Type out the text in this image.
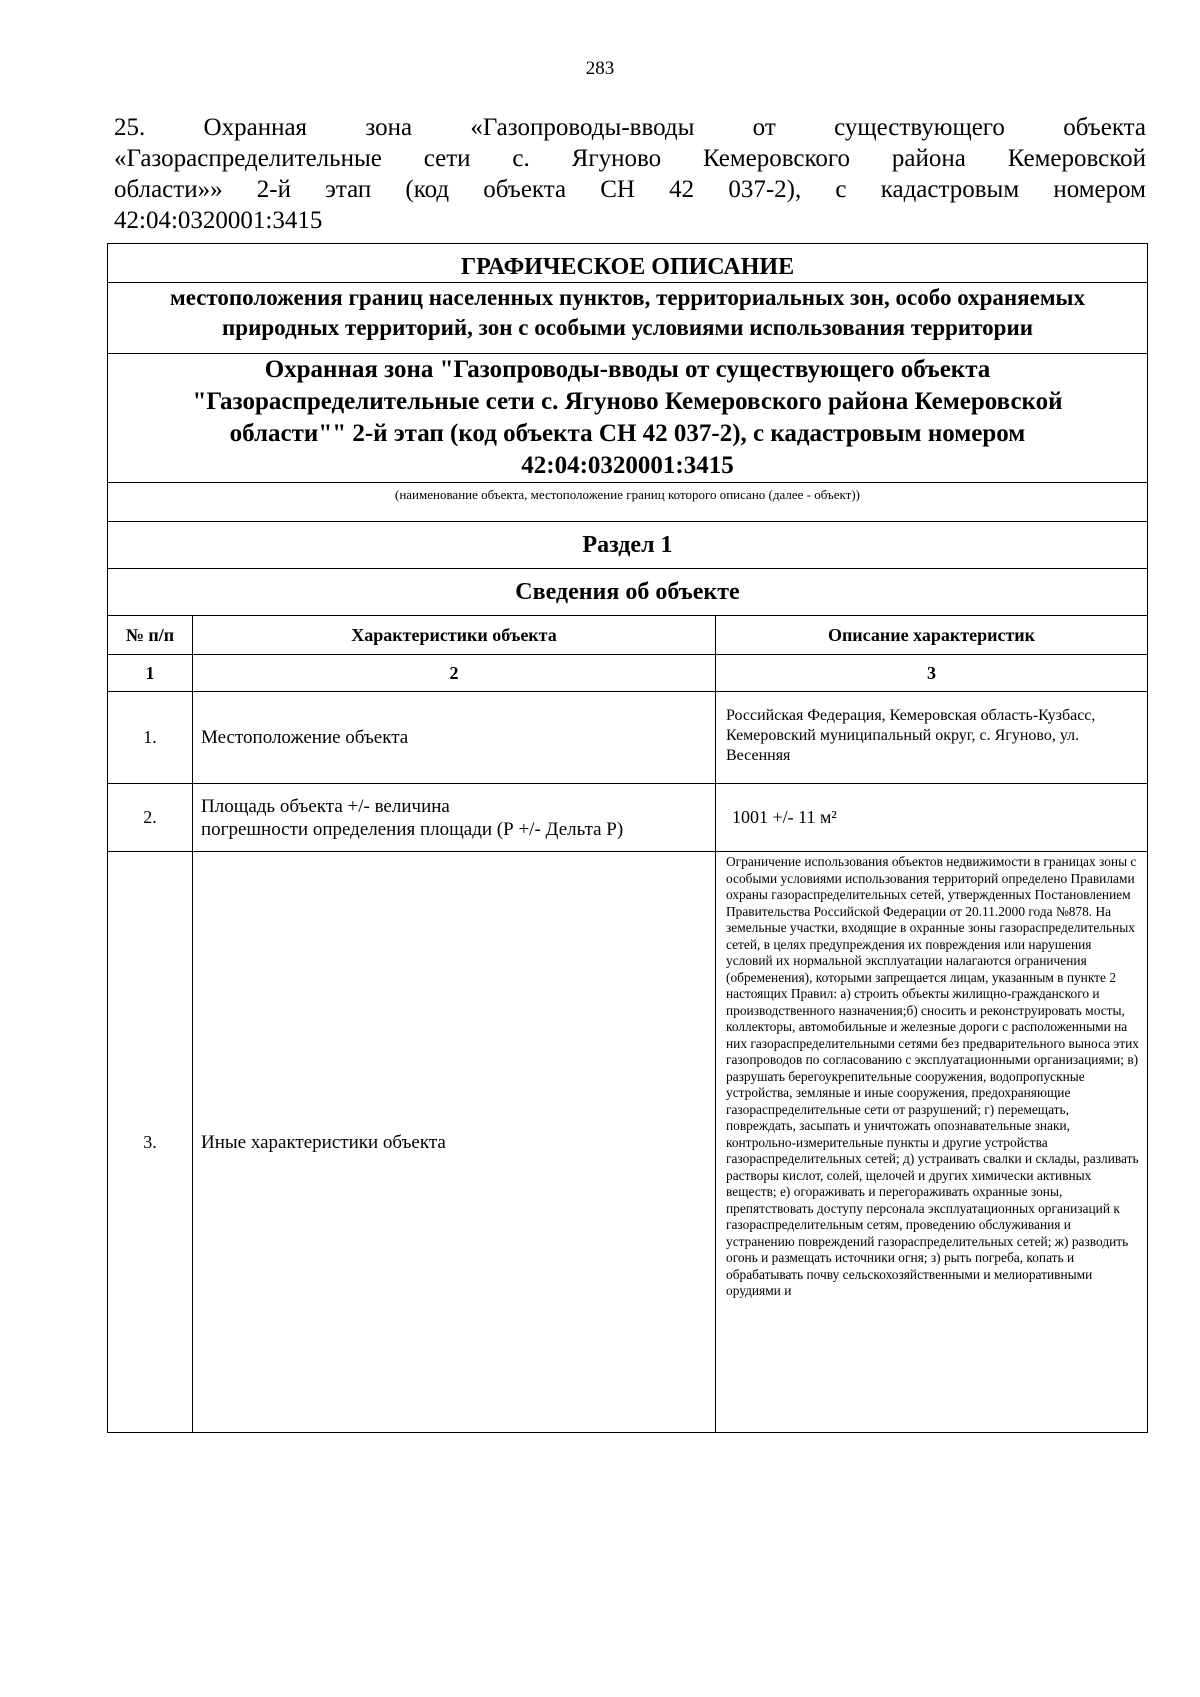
283
25. Охранная зона «Газопроводы-вводы от существующего объекта
«Газораспределительные сети с. Ягуново Кемеровского района Кемеровской
области»» 2-й этап (код объекта СН 42 037-2), с кадастровым номером
42:04:0320001:3415
ГРАФИЧЕСКОЕ ОПИСАНИЕ		

местоположения границ населенных пунктов, территориальных зон, особо охраняемых природных территорий, зон с особыми условиями использования территории		

Охранная зона "Газопроводы-вводы от существующего объекта
"Газораспределительные сети с. Ягуново Кемеровского района Кемеровской
области"" 2-й этап (код объекта СН 42 037-2), с кадастровым номером
42:04:0320001:3415		

(наименование объекта, местоположение границ которого описано (далее - объект))		
Раздел 1		
Сведения об объекте		
№ п/п	Характеристики объекта	Описание характеристик
1	2	3
1.	Местоположение объекта	Российская Федерация, Кемеровская область-Кузбасс, Кемеровский муниципальный округ, с. Ягуново, ул. Весенняя
2.	Площадь объекта +/- величина
погрешности определения площади (Р +/- Дельта Р)	1001 +/- 11 м²
3.	Иные характеристики объекта	Ограничение использования объектов недвижимости в границах зоны с особыми условиями использования территорий определено Правилами охраны газораспределительных сетей, утвержденных Постановлением Правительства Российской Федерации от 20.11.2000 года №878. На земельные участки, входящие в охранные зоны газораспределительных сетей, в целях предупреждения их повреждения или нарушения условий их нормальной эксплуатации налагаются ограничения (обременения), которыми запрещается лицам, указанным в пункте 2 настоящих Правил: а) строить объекты жилищно-гражданского и производственного назначения;б) сносить и реконструировать мосты, коллекторы, автомобильные и железные дороги с расположенными на них газораспределительными сетями без предварительного выноса этих газопроводов по согласованию с эксплуатационными организациями; в) разрушать берегоукрепительные сооружения, водопропускные устройства, земляные и иные сооружения, предохраняющие газораспределительные сети от разрушений; г) перемещать, повреждать, засыпать и уничтожать опознавательные знаки, контрольно-измерительные пункты и другие устройства газораспределительных сетей; д) устраивать свалки и склады, разливать растворы кислот, солей, щелочей и других химически активных веществ; е) огораживать и перегораживать охранные зоны, препятствовать доступу персонала эксплуатационных организаций к газораспределительным сетям, проведению обслуживания и устранению повреждений газораспределительных сетей; ж) разводить огонь и размещать источники огня; з) рыть погреба, копать и обрабатывать почву сельскохозяйственными и мелиоративными орудиями и
